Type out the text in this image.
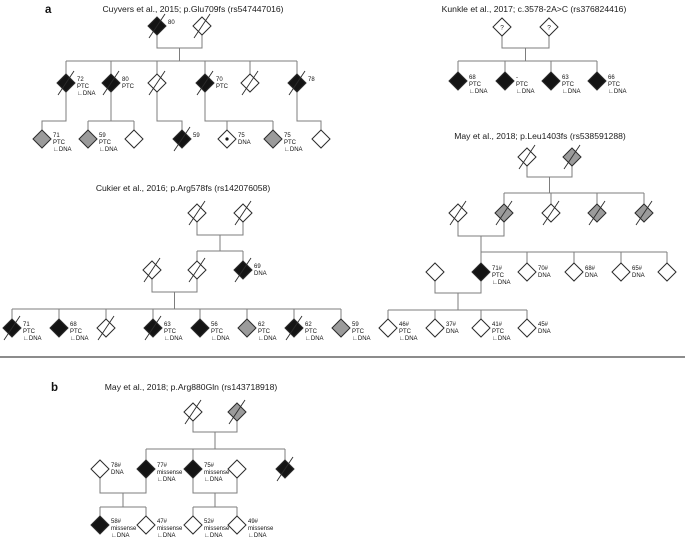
a
b
Cuyvers et al., 2015; p.Glu709fs (rs547447016)
80
72
PTC
∟DNA
80
PTC
70
PTC
78
71
PTC
∟DNA
59
PTC
∟DNA
59	75
DNA
75
PTC
∟DNA
Kunkle et al., 2017; c.3578-2A>C (rs376824416)
?	?
68
PTC
∟DNA
-
PTC
∟DNA
63
PTC
∟DNA
66
PTC
∟DNA
May et al., 2018; p.Leu1403fs (rs538591288)
71#
PTC
∟DNA
70#
DNA
68#
DNA
65#
DNA
46#
PTC
∟DNA
37#
DNA
41#
PTC
∟DNA
45#
DNA
Cukier et al., 2016; p.Arg578fs (rs142076058)
69
DNA
71
PTC
∟DNA
68
PTC
∟DNA
63
PTC
∟DNA
56
PTC
∟DNA
62
PTC
∟DNA
62
PTC
∟DNA
59
PTC
∟DNA
May et al., 2018; p.Arg880Gln (rs143718918)
78#
DNA
77#
missense
∟DNA
75#
missense
∟DNA
58#
missense
∟DNA
47#
missense
∟DNA
52#
missense
∟DNA
49#
missense
∟DNA
